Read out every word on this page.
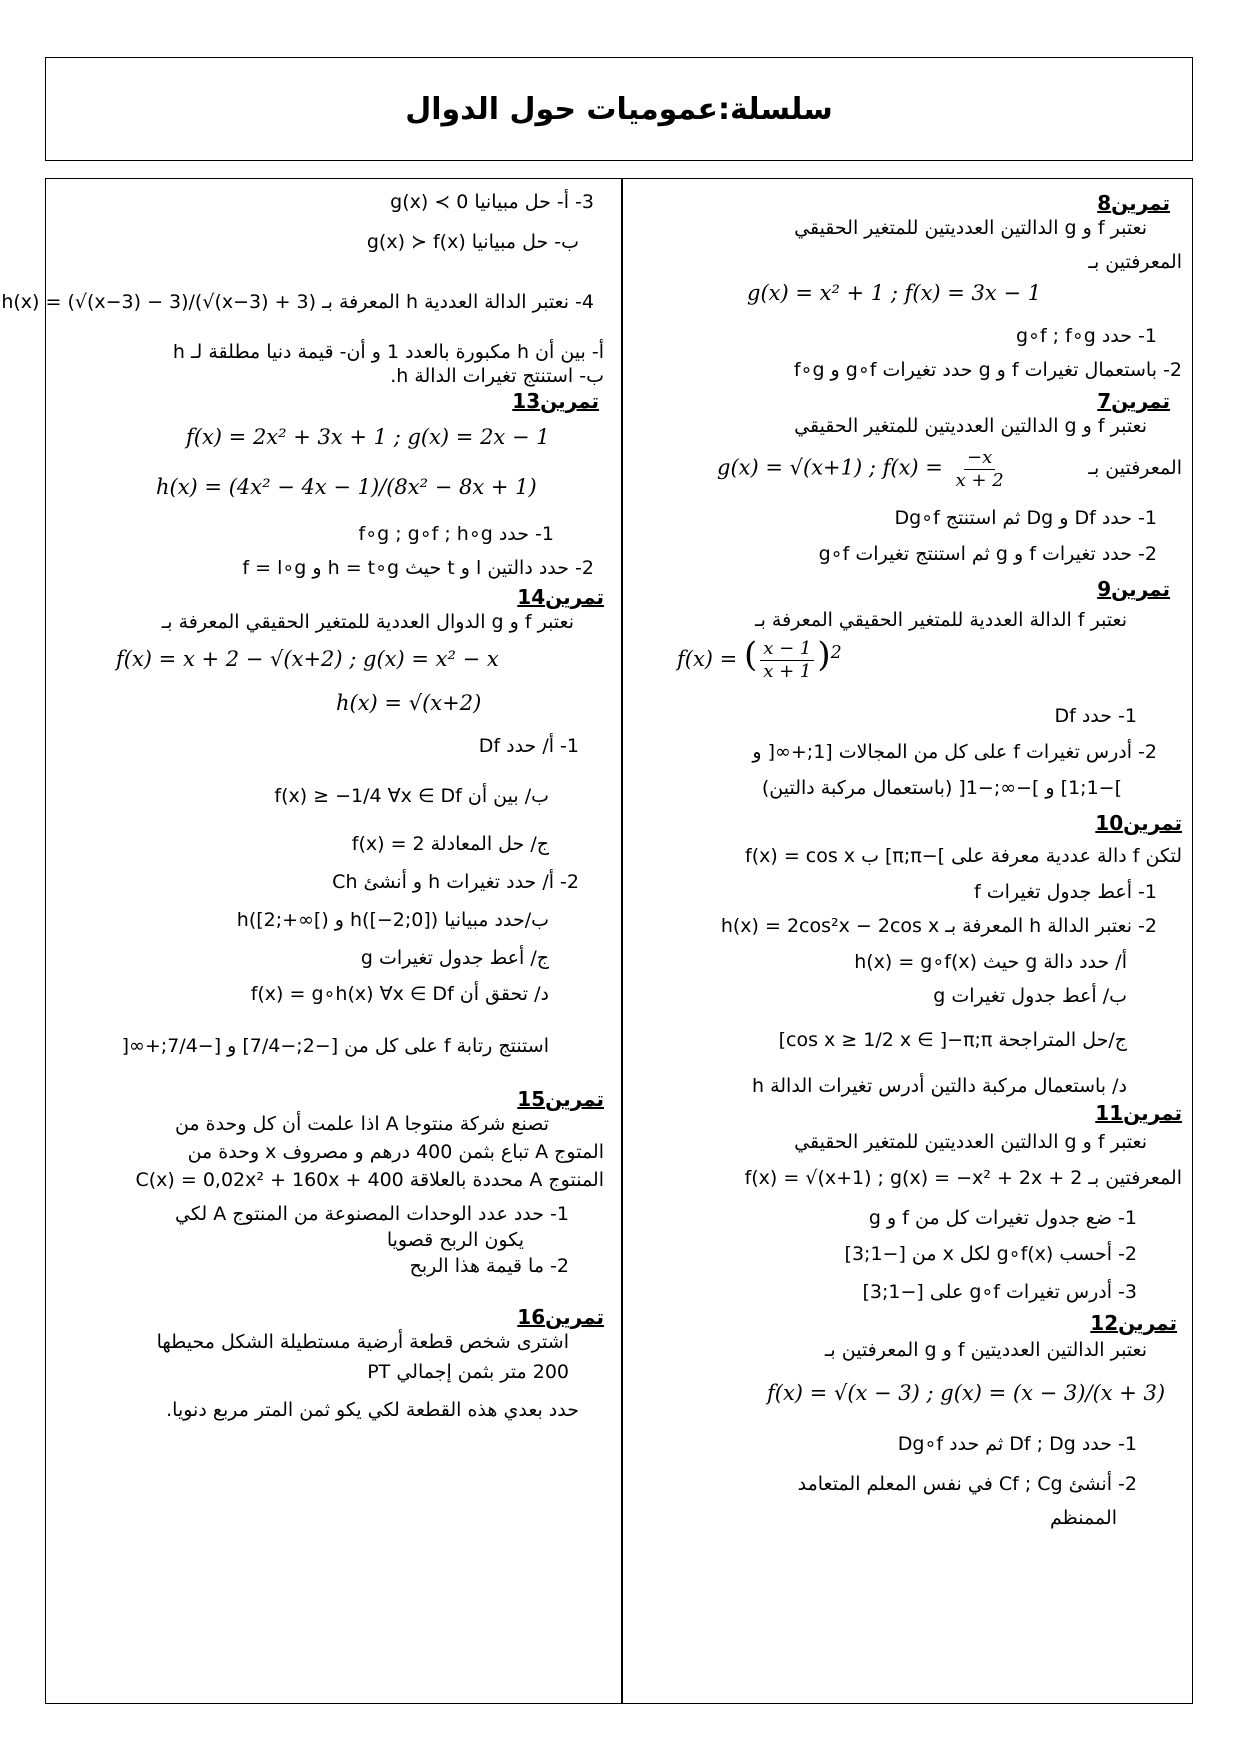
سلسلة:عموميات حول الدوال
تمرين8
نعتبر f و g الدالتين العدديتين للمتغير الحقيقي
المعرفتين بـ
g(x) = x² + 1 ; f(x) = 3x − 1
1- حدد g∘f ; f∘g
2- باستعمال تغيرات f و g حدد تغيرات g∘f و f∘g
تمرين7
نعتبر f و g الدالتين العدديتين للمتغير الحقيقي
المعرفتين بـ
g(x) = √(x+1) ; $f(x) = \frac{-x}{x + 2}$
1- حدد Df و Dg ثم استنتج Dg∘f
2- حدد تغيرات f و g ثم استنتج تغيرات g∘f
تمرين9
نعتبر f الدالة العددية للمتغير الحقيقي المعرفة بـ
f(x) = ( $\frac{x - 1}{x + 1} )^2$
1- حدد Df
2- أدرس تغيرات f على كل من المجالات [1;+∞[ و
]−1;1] و ]−∞;−1[ (باستعمال مركبة دالتين)
تمرين10
لتكن f دالة عددية معرفة على ]−π;π] ب f(x) = cos x
1- أعط جدول تغيرات f
2- نعتبر الدالة h المعرفة بـ h(x) = 2cos²x − 2cos x
أ/ حدد دالة g حيث h(x) = g∘f(x)
ب/ أعط جدول تغيرات g
ج/حل المتراجحة cos x ≥ 1/2 x ∈ ]−π;π]
د/ باستعمال مركبة دالتين أدرس تغيرات الدالة h
تمرين11
نعتبر f و g الدالتين العدديتين للمتغير الحقيقي
المعرفتين بـ f(x) = √(x+1) ; g(x) = −x² + 2x + 2
1- ضع جدول تغيرات كل من f و g
2- أحسب g∘f(x) لكل x من [−1;3]
3- أدرس تغيرات g∘f على [−1;3]
تمرين12
نعتبر الدالتين العدديتين f و g المعرفتين بـ
f(x) = √(x − 3) ; g(x) = (x − 3)/(x + 3)
1- حدد Df ; Dg ثم حدد Dg∘f
2- أنشئ Cf ; Cg في نفس المعلم المتعامد
الممنظم
3- أ- حل مبيانيا g(x) ≺ 0
ب- حل مبيانيا g(x) ≻ f(x)
4- نعتبر الدالة العددية h المعرفة بـ h(x) = (√(x−3) − 3)/(√(x−3) + 3)
أ- بين أن h مكبورة بالعدد 1 و أن- قيمة دنيا مطلقة لـ h
ب- استنتج تغيرات الدالة h.
تمرين13
f(x) = 2x² + 3x + 1 ; g(x) = 2x − 1
h(x) = (4x² − 4x − 1)/(8x² − 8x + 1)
1- حدد f∘g ; g∘f ; h∘g
2- حدد دالتين l و t حيث h = t∘g و f = l∘g
تمرين14
نعتبر f و g الدوال العددية للمتغير الحقيقي المعرفة بـ
f(x) = x + 2 − √(x+2) ; g(x) = x² − x
h(x) = √(x+2)
1- أ/ حدد Df
ب/ بين أن f(x) ≥ −1/4 ∀x ∈ Df
ج/ حل المعادلة f(x) = 2
2- أ/ حدد تغيرات h و أنشئ Ch
ب/حدد مبيانيا h([−2;0]) و h([2;+∞[)
ج/ أعط جدول تغيرات g
د/ تحقق أن f(x) = g∘h(x) ∀x ∈ Df
استنتج رتابة f على كل من [−2;−7/4] و [−7/4;+∞[
تمرين15
تصنع شركة منتوجا A اذا علمت أن كل وحدة من
المتوج A تباع بثمن 400 درهم و مصروف x وحدة من
المنتوج A محددة بالعلاقة C(x) = 0,02x² + 160x + 400
1- حدد عدد الوحدات المصنوعة من المنتوج A لكي
يكون الربح قصويا
2- ما قيمة هذا الربح
تمرين16
اشترى شخص قطعة أرضية مستطيلة الشكل محيطها
200 متر بثمن إجمالي PT
حدد بعدي هذه القطعة لكي يكو ثمن المتر مربع دنويا.
